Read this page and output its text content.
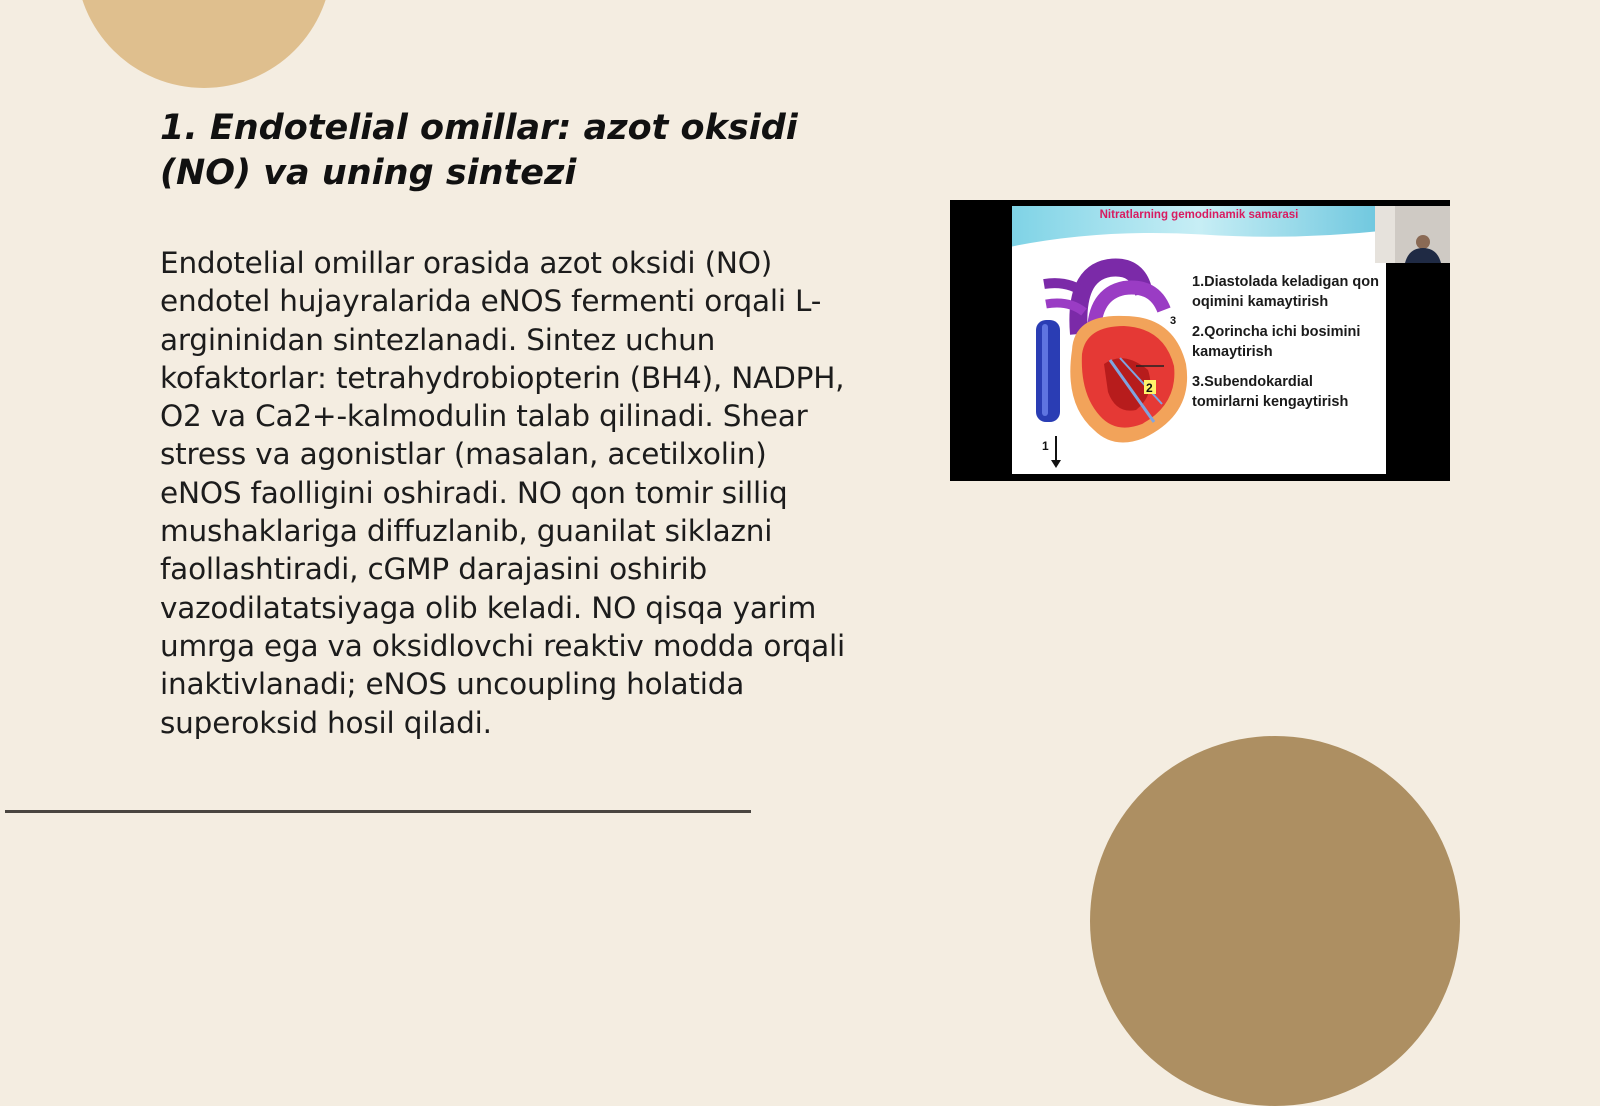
1. Endotelial omillar: azot oksidi (NO) va uning sintezi

Endotelial omillar orasida azot oksidi (NO) endotel hujayralarida eNOS fermenti orqali L-argininidan sintezlanadi. Sintez uchun kofaktorlar: tetrahydrobiopterin (BH4), NADPH, O2 va Ca2+-kalmodulin talab qilinadi. Shear stress va agonistlar (masalan, acetilxolin) eNOS faolligini oshiradi. NO qon tomir silliq mushaklariga diffuzlanib, guanilat siklazni faollashtiradi, cGMP darajasini oshirib vazodilatatsiyaga olib keladi. NO qisqa yarim umrga ega va oksidlovchi reaktiv modda orqali inaktivlanadi; eNOS uncoupling holatida superoksid hosil qiladi.

Nitratlarning gemodinamik samarasi
2
3
1
1.Diastolada keladigan qon oqimini kamaytirish
2.Qorincha ichi bosimini kamaytirish
3.Subendokardial tomirlarni kengaytirish
